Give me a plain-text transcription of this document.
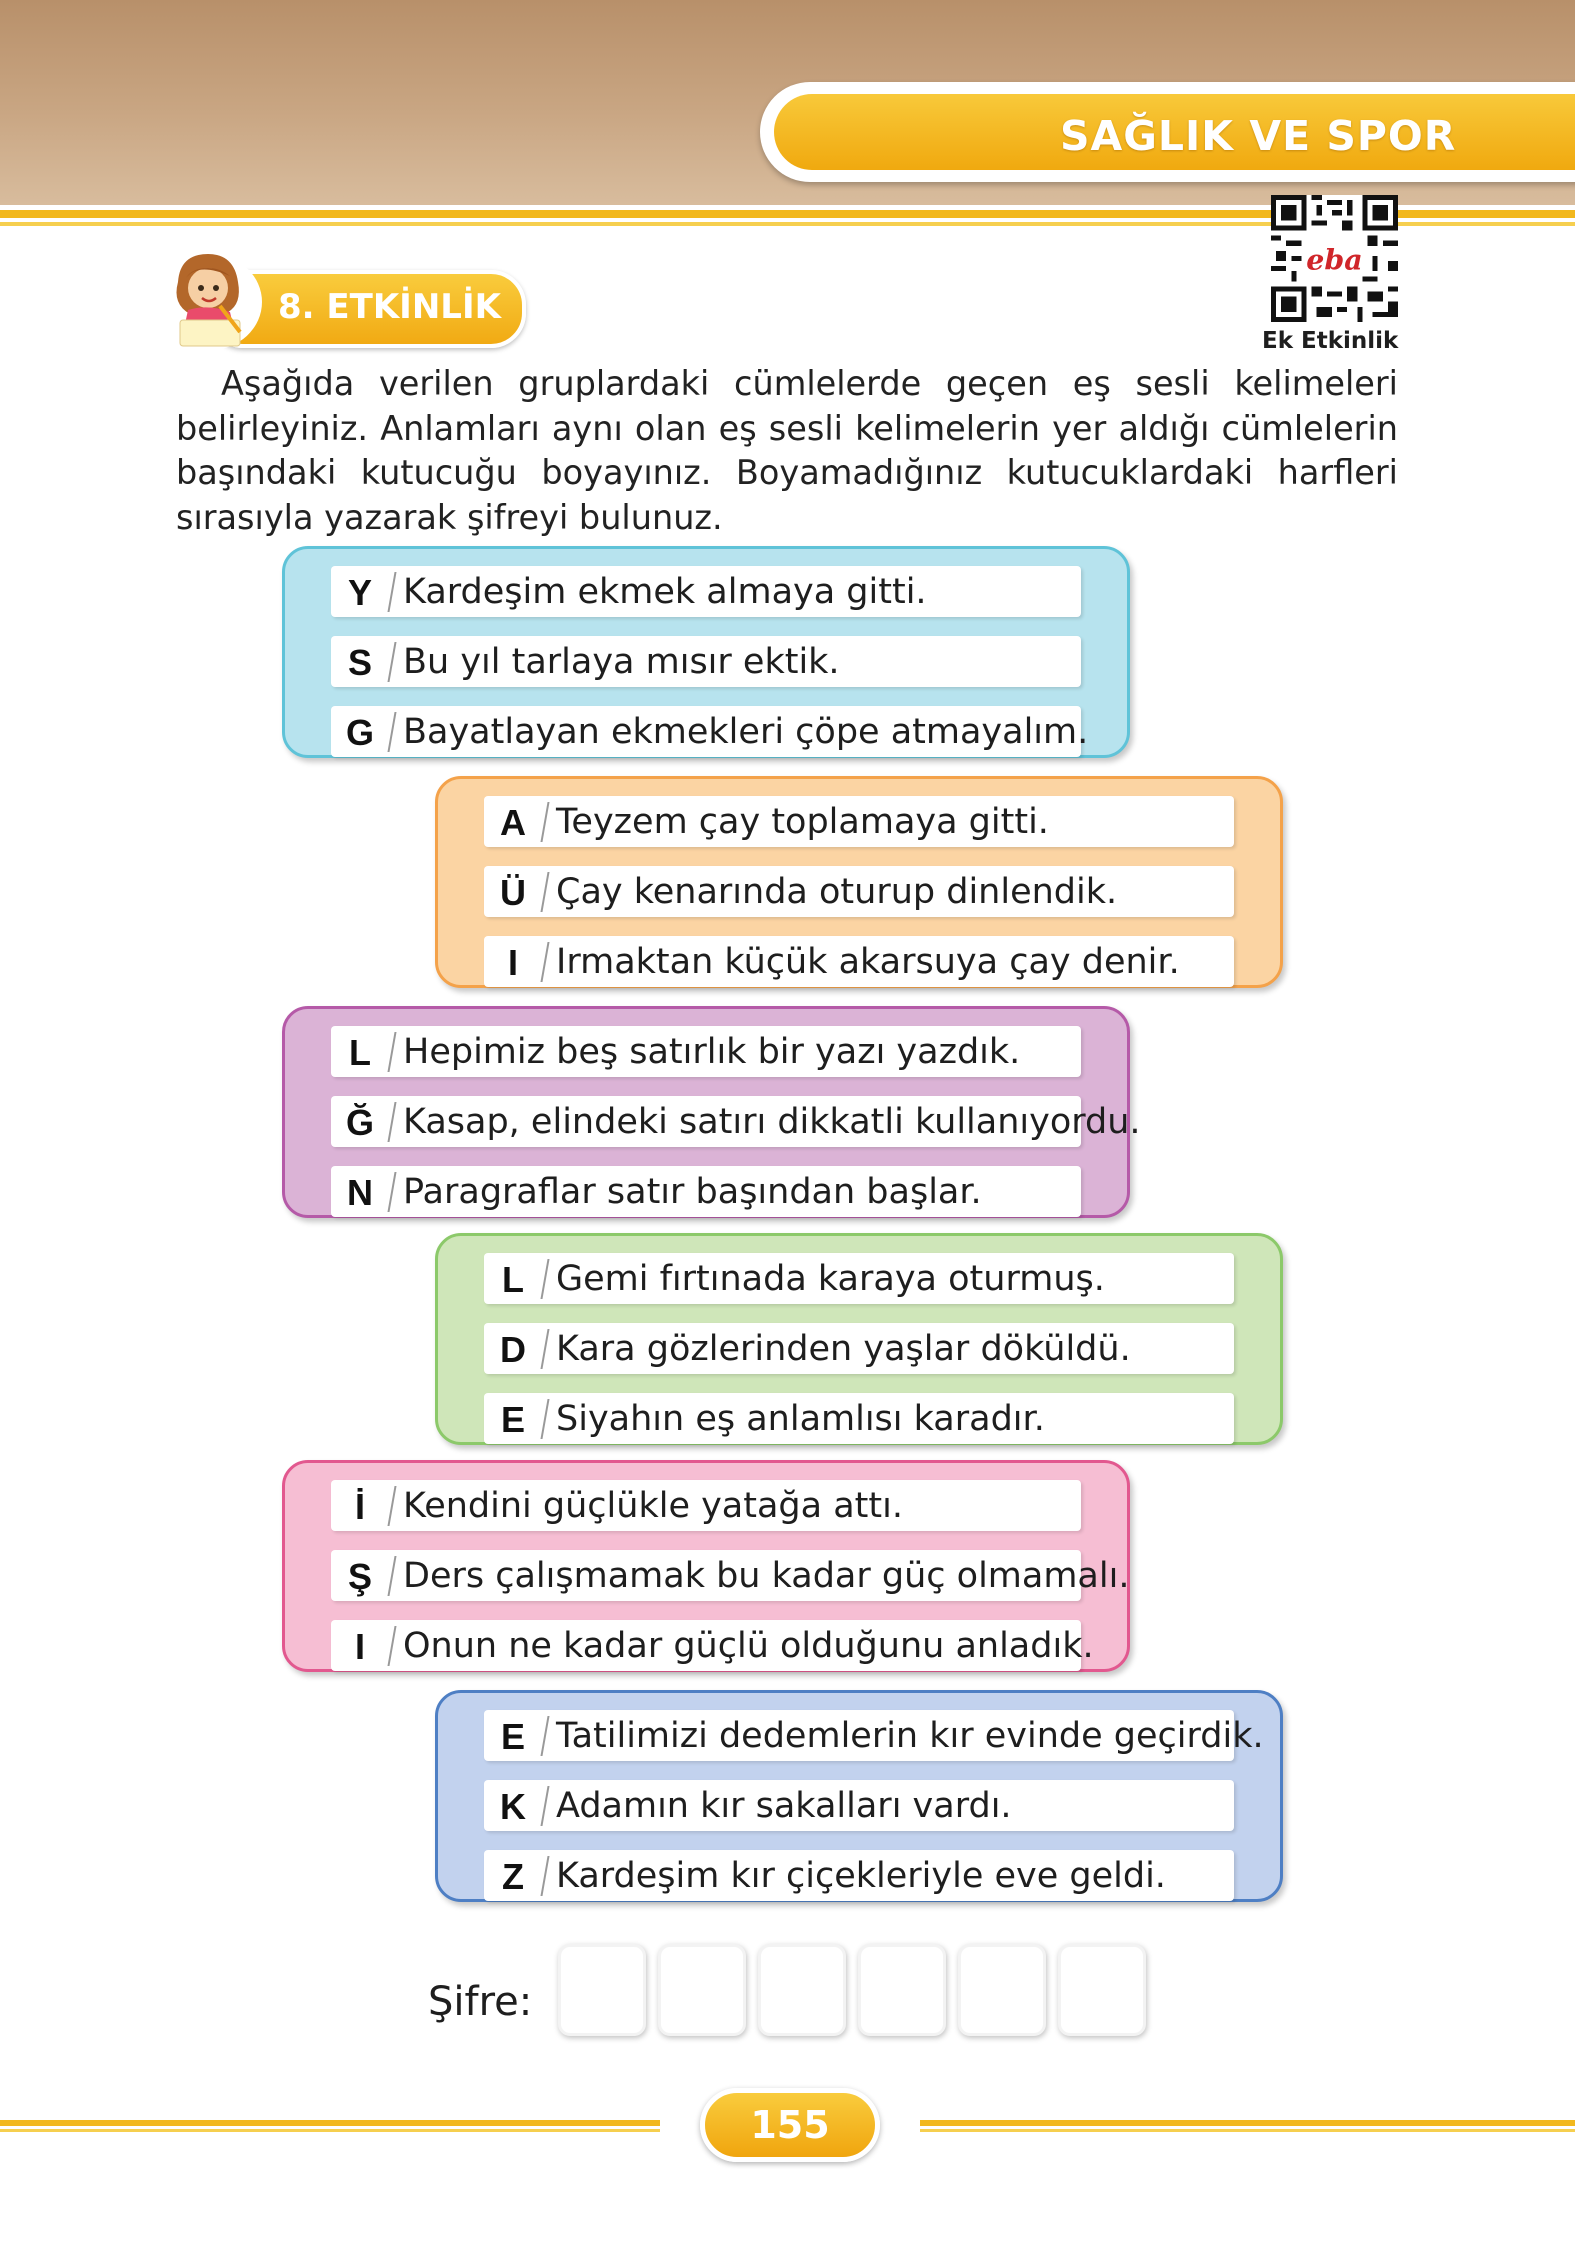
SAĞLIK VE SPOR
eba
Ek Etkinlik
8. ETKİNLİK

Aşağıda verilen gruplardaki cümlelerde geçen eş sesli kelimeleri belirleyiniz. Anlamları aynı olan eş sesli kelimelerin yer aldığı cümlelerin başındaki kutucuğu boyayınız. Boyamadığınız kutucuklardaki harfleri sırasıyla yazarak şifreyi bulunuz.

Y Kardeşim ekmek almaya gitti.
S Bu yıl tarlaya mısır ektik.
G Bayatlayan ekmekleri çöpe atmayalım.
A Teyzem çay toplamaya gitti.
Ü Çay kenarında oturup dinlendik.
I	Irmaktan küçük akarsuya çay denir.
L Hepimiz beş satırlık bir yazı yazdık.
Ğ Kasap, elindeki satırı dikkatli kullanıyordu.
N Paragraflar satır başından başlar.
L Gemi fırtınada karaya oturmuş.
D Kara gözlerinden yaşlar döküldü.
E Siyahın eş anlamlısı karadır.
İ	Kendini güçlükle yatağa attı.
Ş Ders çalışmamak bu kadar güç olmamalı.
I	Onun ne kadar güçlü olduğunu anladık.
E Tatilimizi dedemlerin kır evinde geçirdik.
K Adamın kır sakalları vardı.
Z Kardeşim kır çiçekleriyle eve geldi.
Şifre:
155
